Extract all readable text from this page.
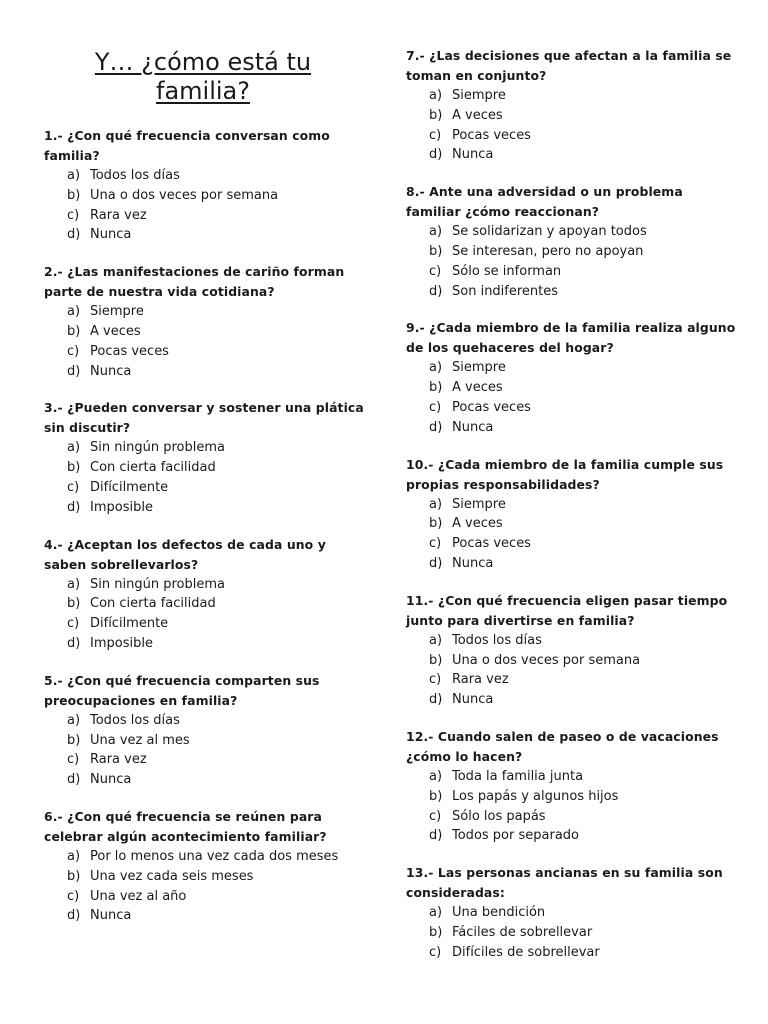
Y… ¿cómo está tu
familia?

1.- ¿Con qué frecuencia conversan como familia?

a) Todos los días
b) Una o dos veces por semana
c) Rara vez
d) Nunca

2.- ¿Las manifestaciones de cariño forman parte de nuestra vida cotidiana?

a) Siempre
b) A veces
c) Pocas veces
d) Nunca

3.- ¿Pueden conversar y sostener una plática sin discutir?

a) Sin ningún problema
b) Con cierta facilidad
c) Difícilmente
d) Imposible

4.- ¿Aceptan los defectos de cada uno y saben sobrellevarlos?

a) Sin ningún problema
b) Con cierta facilidad
c) Difícilmente
d) Imposible

5.- ¿Con qué frecuencia comparten sus preocupaciones en familia?

a) Todos los días
b) Una vez al mes
c) Rara vez
d) Nunca

6.- ¿Con qué frecuencia se reúnen para celebrar algún acontecimiento familiar?

a) Por lo menos una vez cada dos meses
b) Una vez cada seis meses
c) Una vez al año
d) Nunca

7.- ¿Las decisiones que afectan a la familia se toman en conjunto?

a) Siempre
b) A veces
c) Pocas veces
d) Nunca

8.- Ante una adversidad o un problema familiar ¿cómo reaccionan?

a) Se solidarizan y apoyan todos
b) Se interesan, pero no apoyan
c) Sólo se informan
d) Son indiferentes

9.- ¿Cada miembro de la familia realiza alguno de los quehaceres del hogar?

a) Siempre
b) A veces
c) Pocas veces
d) Nunca

10.- ¿Cada miembro de la familia cumple sus propias responsabilidades?

a) Siempre
b) A veces
c) Pocas veces
d) Nunca

11.- ¿Con qué frecuencia eligen pasar tiempo junto para divertirse en familia?

a) Todos los días
b) Una o dos veces por semana
c) Rara vez
d) Nunca

12.- Cuando salen de paseo o de vacaciones ¿cómo lo hacen?

a) Toda la familia junta
b) Los papás y algunos hijos
c) Sólo los papás
d) Todos por separado

13.- Las personas ancianas en su familia son consideradas:

a) Una bendición
b) Fáciles de sobrellevar
c) Difíciles de sobrellevar
